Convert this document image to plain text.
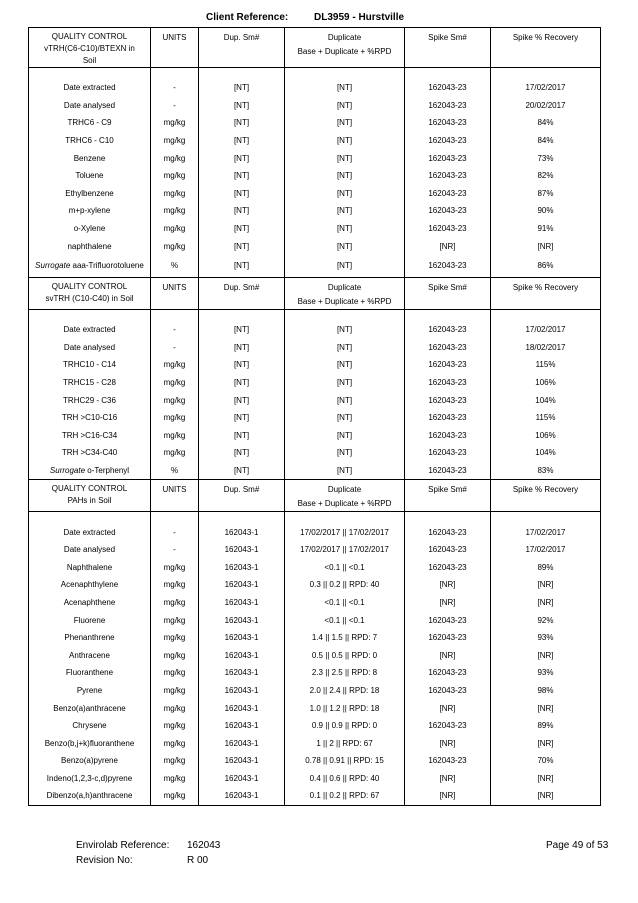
Client Reference:	DL3959 - Hurstville
QUALITY CONTROL
vTRH(C6-C10)/BTEXN in
Soil	UNITS	Dup. Sm#	Duplicate
Base + Duplicate + %RPD	Spike Sm#	Spike % Recovery

Date extracted	-	[NT]	[NT]	162043-23	17/02/2017
Date analysed	-	[NT]	[NT]	162043-23	20/02/2017
TRHC6 - C9	mg/kg	[NT]	[NT]	162043-23	84%
TRHC6 - C10	mg/kg	[NT]	[NT]	162043-23	84%
Benzene	mg/kg	[NT]	[NT]	162043-23	73%
Toluene	mg/kg	[NT]	[NT]	162043-23	82%
Ethylbenzene	mg/kg	[NT]	[NT]	162043-23	87%
m+p-xylene	mg/kg	[NT]	[NT]	162043-23	90%
o-Xylene	mg/kg	[NT]	[NT]	162043-23	91%
naphthalene	mg/kg	[NT]	[NT]	[NR]	[NR]
Surrogate aaa-Trifluorotoluene	%	[NT]	[NT]	162043-23	86%

QUALITY CONTROL
svTRH (C10-C40) in Soil	UNITS	Dup. Sm#	Duplicate
Base + Duplicate + %RPD	Spike Sm#	Spike % Recovery

Date extracted	-	[NT]	[NT]	162043-23	17/02/2017
Date analysed	-	[NT]	[NT]	162043-23	18/02/2017
TRHC10 - C14	mg/kg	[NT]	[NT]	162043-23	115%
TRHC15 - C28	mg/kg	[NT]	[NT]	162043-23	106%
TRHC29 - C36	mg/kg	[NT]	[NT]	162043-23	104%
TRH >C10-C16	mg/kg	[NT]	[NT]	162043-23	115%
TRH >C16-C34	mg/kg	[NT]	[NT]	162043-23	106%
TRH >C34-C40	mg/kg	[NT]	[NT]	162043-23	104%
Surrogate o-Terphenyl	%	[NT]	[NT]	162043-23	83%

QUALITY CONTROL
PAHs in Soil	UNITS	Dup. Sm#	Duplicate
Base + Duplicate + %RPD	Spike Sm#	Spike % Recovery

Date extracted	-	162043-1	17/02/2017 || 17/02/2017	162043-23	17/02/2017
Date analysed	-	162043-1	17/02/2017 || 17/02/2017	162043-23	17/02/2017
Naphthalene	mg/kg	162043-1	<0.1 || <0.1	162043-23	89%
Acenaphthylene	mg/kg	162043-1	0.3 || 0.2 || RPD: 40	[NR]	[NR]
Acenaphthene	mg/kg	162043-1	<0.1 || <0.1	[NR]	[NR]
Fluorene	mg/kg	162043-1	<0.1 || <0.1	162043-23	92%
Phenanthrene	mg/kg	162043-1	1.4 || 1.5 || RPD: 7	162043-23	93%
Anthracene	mg/kg	162043-1	0.5 || 0.5 || RPD: 0	[NR]	[NR]
Fluoranthene	mg/kg	162043-1	2.3 || 2.5 || RPD: 8	162043-23	93%
Pyrene	mg/kg	162043-1	2.0 || 2.4 || RPD: 18	162043-23	98%
Benzo(a)anthracene	mg/kg	162043-1	1.0 || 1.2 || RPD: 18	[NR]	[NR]
Chrysene	mg/kg	162043-1	0.9 || 0.9 || RPD: 0	162043-23	89%
Benzo(b,j+k)fluoranthene	mg/kg	162043-1	1 || 2 || RPD: 67	[NR]	[NR]
Benzo(a)pyrene	mg/kg	162043-1	0.78 || 0.91 || RPD: 15	162043-23	70%
Indeno(1,2,3-c,d)pyrene	mg/kg	162043-1	0.4 || 0.6 || RPD: 40	[NR]	[NR]
Dibenzo(a,h)anthracene	mg/kg	162043-1	0.1 || 0.2 || RPD: 67	[NR]	[NR]
Envirolab Reference: 162043
Revision No:	R 00
Page 49 of 53
